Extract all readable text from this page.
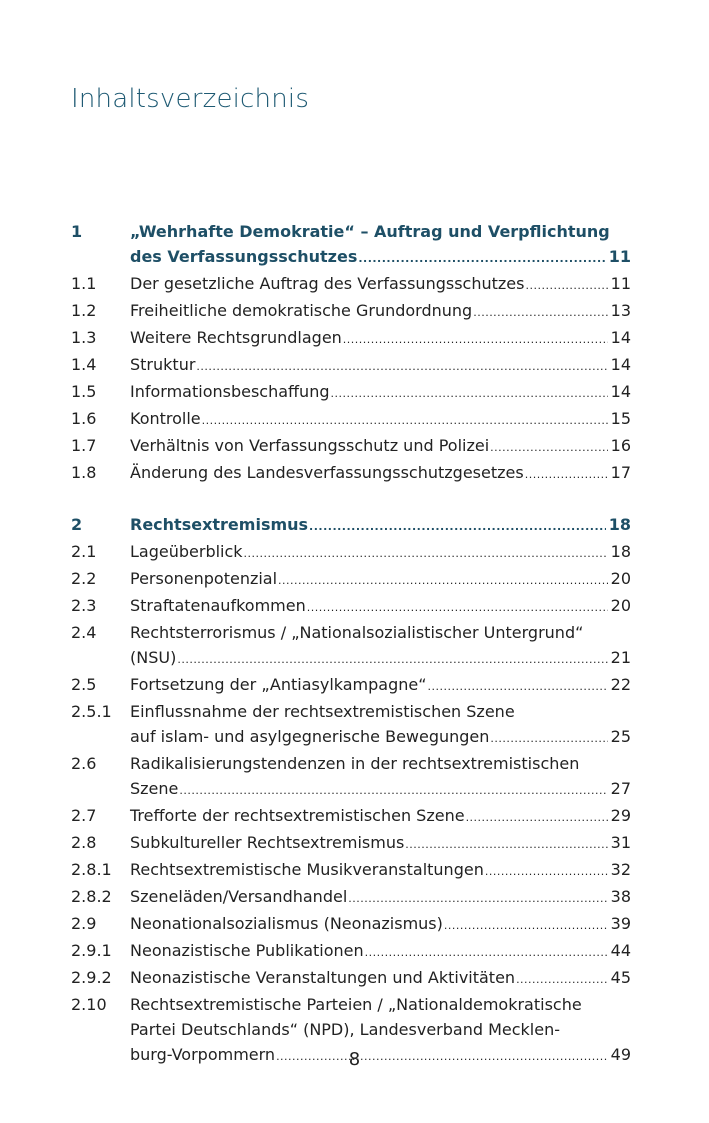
Inhaltsverzeichnis
1	„Wehrhafte Demokratie“ – Auftrag und Verpflichtung
des Verfassungsschutzes .....	11
1.1	Der gesetzliche Auftrag des Verfassungsschutzes .....	11
1.2	Freiheitliche demokratische Grundordnung .....	13
1.3	Weitere Rechtsgrundlagen .....	14
1.4	Struktur .....	14
1.5	Informationsbeschaffung .....	14
1.6	Kontrolle .....	15
1.7	Verhältnis von Verfassungsschutz und Polizei .....	16
1.8	Änderung des Landesverfassungsschutzgesetzes .....	17
2	Rechtsextremismus .....	18
2.1	Lageüberblick .....	18
2.2	Personenpotenzial .....	20
2.3	Straftatenaufkommen .....	20
2.4	Rechtsterrorismus / „Nationalsozialistischer Untergrund“
(NSU) .....	21
2.5	Fortsetzung der „Antiasylkampagne“ .....	22
2.5.1	Einflussnahme der rechtsextremistischen Szene
auf islam- und asylgegnerische Bewegungen .....	25
2.6	Radikalisierungstendenzen in der rechtsextremistischen
Szene .....	27
2.7	Trefforte der rechtsextremistischen Szene .....	29
2.8	Subkultureller Rechtsextremismus .....	31
2.8.1	Rechtsextremistische Musikveranstaltungen .....	32
2.8.2	Szeneläden/Versandhandel .....	38
2.9	Neonationalsozialismus (Neonazismus) .....	39
2.9.1	Neonazistische Publikationen .....	44
2.9.2	Neonazistische Veranstaltungen und Aktivitäten .....	45
2.10	Rechtsextremistische Parteien / „Nationaldemokratische
Partei Deutschlands“ (NPD), Landesverband Mecklen-
burg-Vorpommern .....	49
8
